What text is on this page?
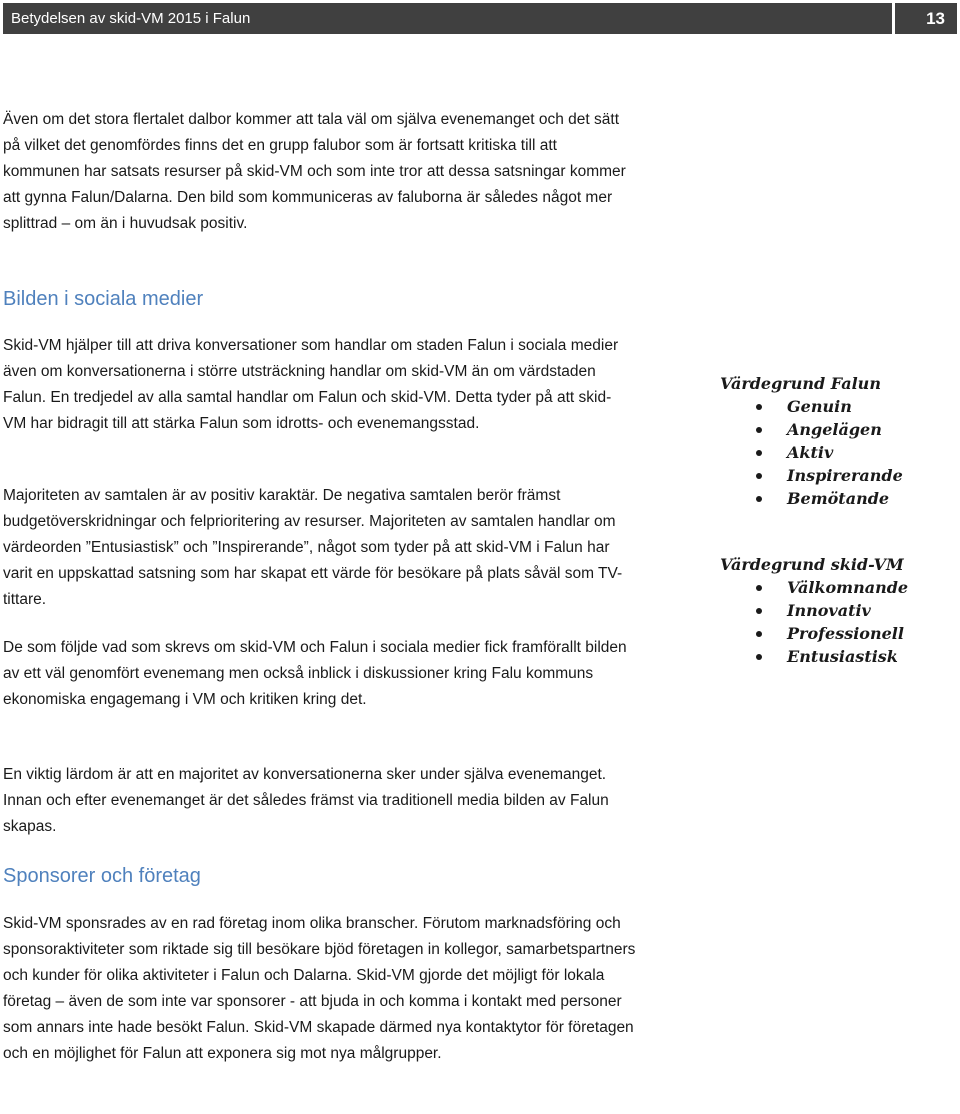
Betydelsen av skid-VM 2015 i Falun	13

Även om det stora flertalet dalbor kommer att tala väl om själva evenemanget och det sätt på vilket det genomfördes finns det en grupp falubor som är fortsatt kritiska till att kommunen har satsats resurser på skid-VM och som inte tror att dessa satsningar kommer att gynna Falun/Dalarna. Den bild som kommuniceras av faluborna är således något mer splittrad – om än i huvudsak positiv.

Bilden i sociala medier

Skid-VM hjälper till att driva konversationer som handlar om staden Falun i sociala medier även om konversationerna i större utsträckning handlar om skid-VM än om värdstaden Falun. En tredjedel av alla samtal handlar om Falun och skid-VM. Detta tyder på att skid-VM har bidragit till att stärka Falun som idrotts- och evenemangsstad.

Majoriteten av samtalen är av positiv karaktär. De negativa samtalen berör främst budgetöverskridningar och felprioritering av resurser. Majoriteten av samtalen handlar om värdeorden ”Entusiastisk” och ”Inspirerande”, något som tyder på att skid-VM i Falun har varit en uppskattad satsning som har skapat ett värde för besökare på plats såväl som TV-tittare.

De som följde vad som skrevs om skid-VM och Falun i sociala medier fick framförallt bilden av ett väl genomfört evenemang men också inblick i diskussioner kring Falu kommuns ekonomiska engagemang i VM och kritiken kring det.

En viktig lärdom är att en majoritet av konversationerna sker under själva evenemanget. Innan och efter evenemanget är det således främst via traditionell media bilden av Falun skapas.

Sponsorer och företag

Skid-VM sponsrades av en rad företag inom olika branscher. Förutom marknadsföring och sponsoraktiviteter som riktade sig till besökare bjöd företagen in kollegor, samarbetspartners och kunder för olika aktiviteter i Falun och Dalarna. Skid-VM gjorde det möjligt för lokala företag – även de som inte var sponsorer - att bjuda in och komma i kontakt med personer som annars inte hade besökt Falun. Skid-VM skapade därmed nya kontaktytor för företagen och en möjlighet för Falun att exponera sig mot nya målgrupper.

Värdegrund Falun

Genuin
Angelägen
Aktiv
Inspirerande
Bemötande

Värdegrund skid-VM

Välkomnande
Innovativ
Professionell
Entusiastisk
